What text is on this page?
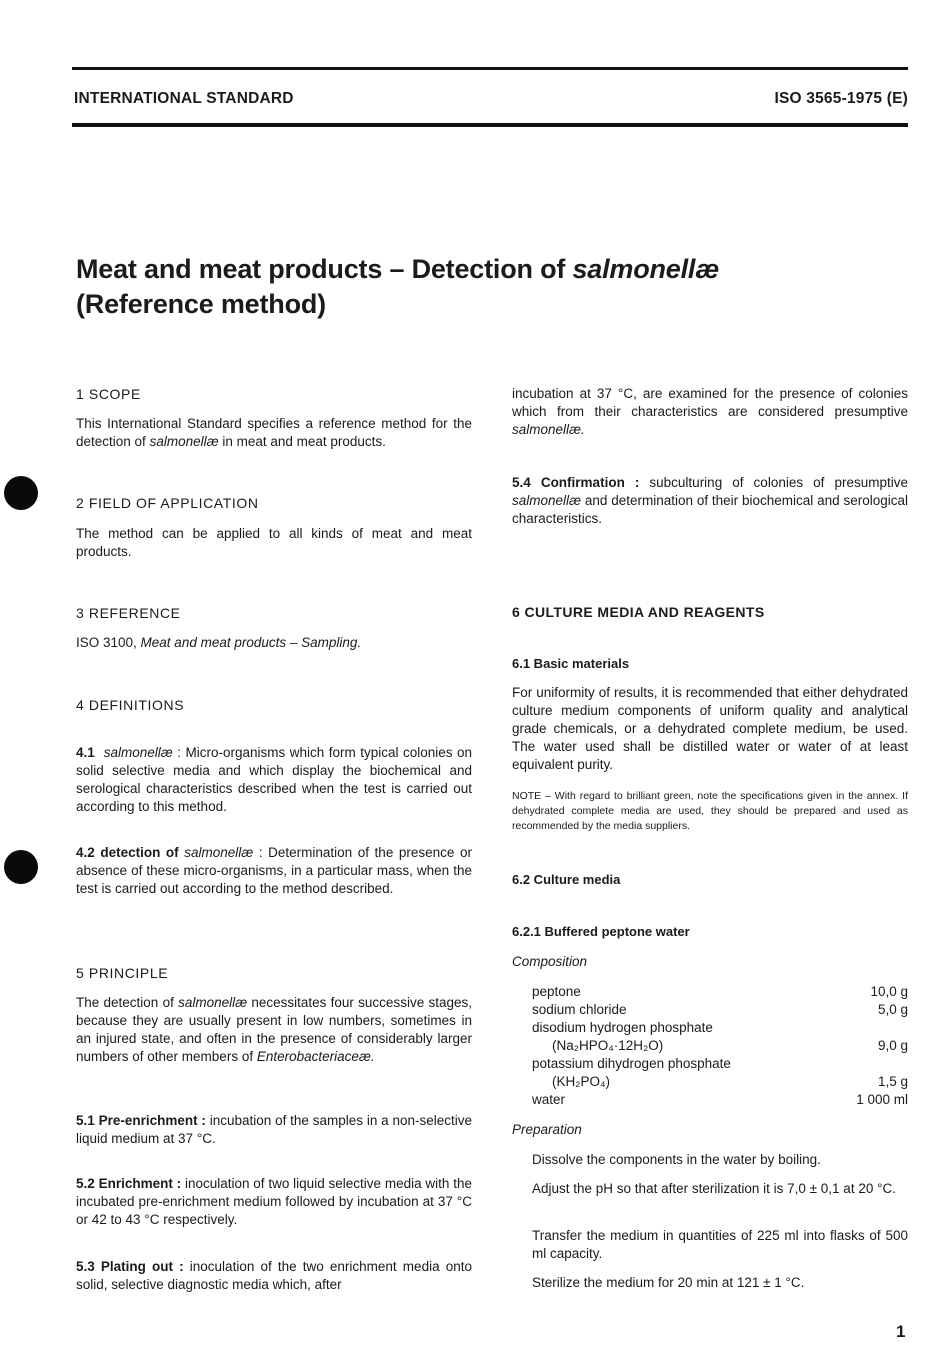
INTERNATIONAL STANDARD	ISO 3565-1975 (E)
Meat and meat products – Detection of salmonellæ
(Reference method)
1 SCOPE
This International Standard specifies a reference method for the detection of salmonellæ in meat and meat products.
2 FIELD OF APPLICATION
The method can be applied to all kinds of meat and meat products.
3 REFERENCE
ISO 3100, Meat and meat products – Sampling.
4 DEFINITIONS
4.1 salmonellæ : Micro-organisms which form typical colonies on solid selective media and which display the biochemical and serological characteristics described when the test is carried out according to this method.
4.2 detection of salmonellæ : Determination of the presence or absence of these micro-organisms, in a particular mass, when the test is carried out according to the method described.
5 PRINCIPLE
The detection of salmonellæ necessitates four successive stages, because they are usually present in low numbers, sometimes in an injured state, and often in the presence of considerably larger numbers of other members of Enterobacteriaceæ.
5.1 Pre-enrichment : incubation of the samples in a non-selective liquid medium at 37 °C.
5.2 Enrichment : inoculation of two liquid selective media with the incubated pre-enrichment medium followed by incubation at 37 °C or 42 to 43 °C respectively.
5.3 Plating out : inoculation of the two enrichment media onto solid, selective diagnostic media which, after
incubation at 37 °C, are examined for the presence of colonies which from their characteristics are considered presumptive salmonellæ.
5.4 Confirmation : subculturing of colonies of presumptive salmonellæ and determination of their biochemical and serological characteristics.
6 CULTURE MEDIA AND REAGENTS
6.1 Basic materials
For uniformity of results, it is recommended that either dehydrated culture medium components of uniform quality and analytical grade chemicals, or a dehydrated complete medium, be used. The water used shall be distilled water or water of at least equivalent purity.
NOTE – With regard to brilliant green, note the specifications given in the annex. If dehydrated complete media are used, they should be prepared and used as recommended by the media suppliers.
6.2 Culture media
6.2.1 Buffered peptone water
Composition
peptone	10,0 g
sodium chloride	5,0 g
disodium hydrogen phosphate
(Na₂HPO₄·12H₂O)	9,0 g
potassium dihydrogen phosphate
(KH₂PO₄)	1,5 g
water	1 000 ml
Preparation
Dissolve the components in the water by boiling.
Adjust the pH so that after sterilization it is 7,0 ± 0,1 at 20 °C.
Transfer the medium in quantities of 225 ml into flasks of 500 ml capacity.
Sterilize the medium for 20 min at 121 ± 1 °C.
1
